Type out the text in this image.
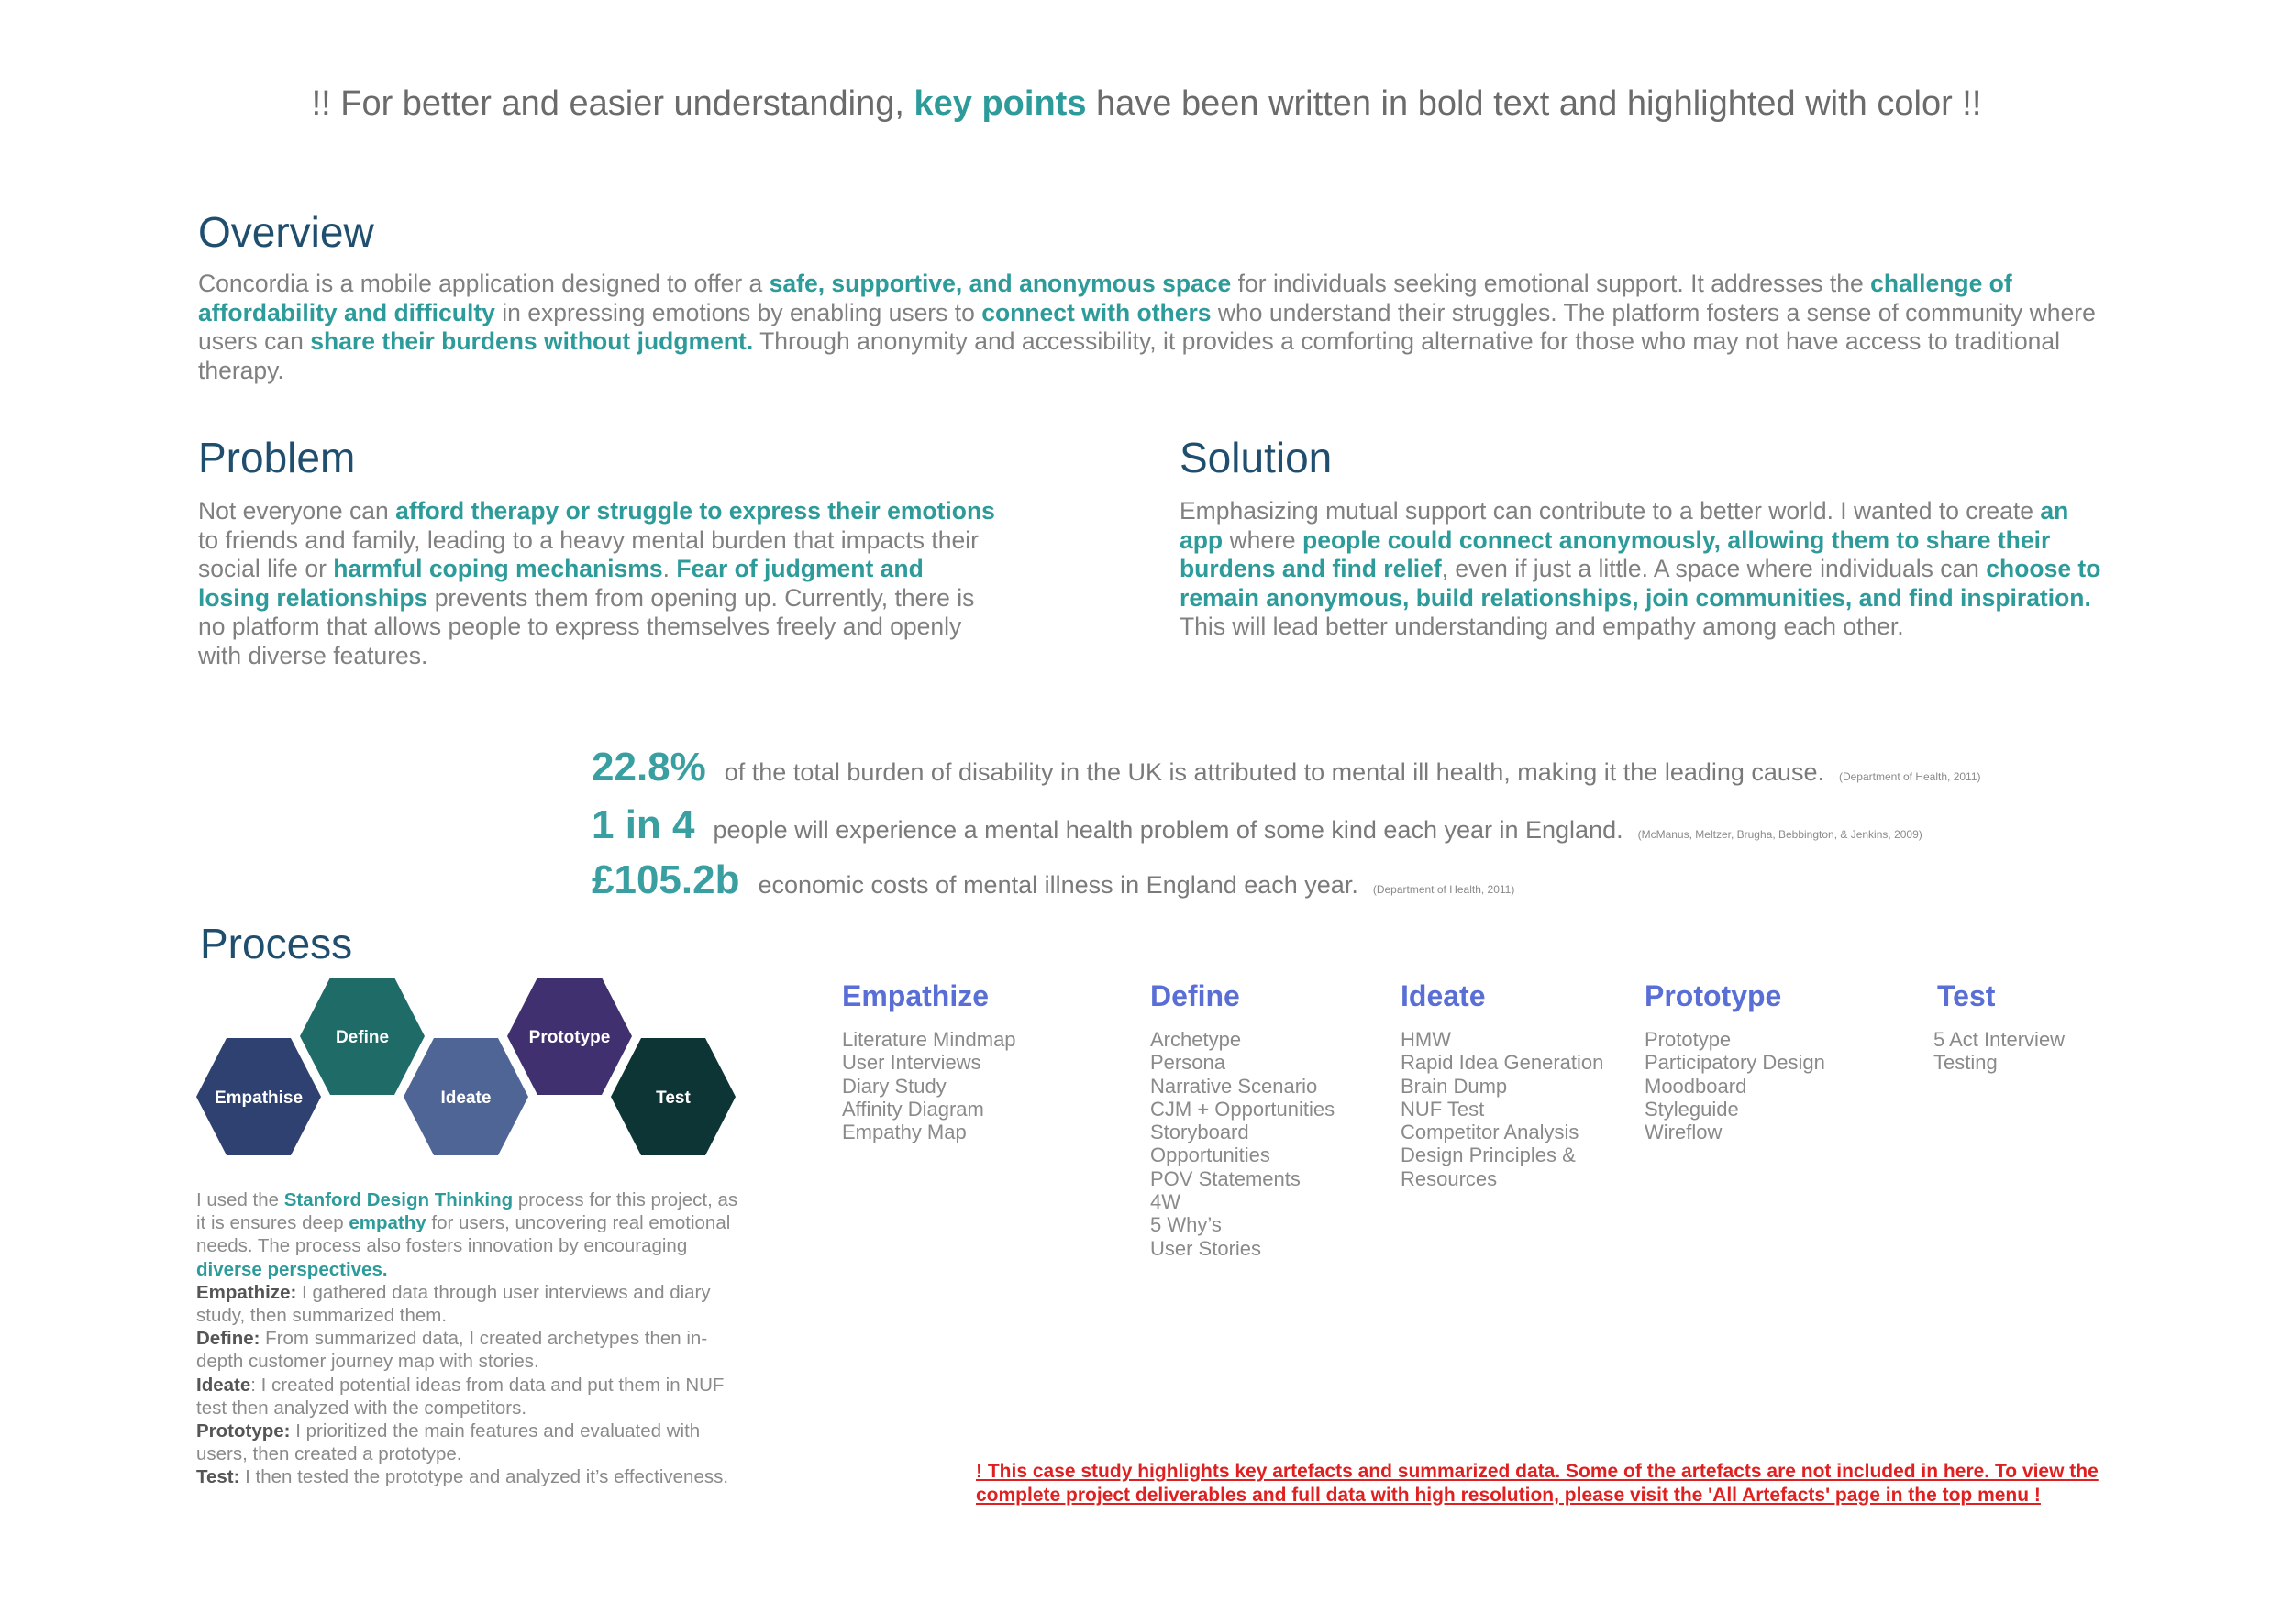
!! For better and easier understanding, key points have been written in bold text and highlighted with color !!
Overview
Concordia is a mobile application designed to offer a safe, supportive, and anonymous space for individuals seeking emotional support. It addresses the challenge of affordability and difficulty in expressing emotions by enabling users to connect with others who understand their struggles. The platform fosters a sense of community where users can share their burdens without judgment. Through anonymity and accessibility, it provides a comforting alternative for those who may not have access to traditional therapy.
Problem
Not everyone can afford therapy or struggle to express their emotions to friends and family, leading to a heavy mental burden that impacts their social life or harmful coping mechanisms. Fear of judgment and losing relationships prevents them from opening up. Currently, there is no platform that allows people to express themselves freely and openly with diverse features.
Solution
Emphasizing mutual support can contribute to a better world. I wanted to create an app where people could connect anonymously, allowing them to share their burdens and find relief, even if just a little. A space where individuals can choose to remain anonymous, build relationships, join communities, and find inspiration. This will lead better understanding and empathy among each other.
22.8% of the total burden of disability in the UK is attributed to mental ill health, making it the leading cause. (Department of Health, 2011)
1 in 4 people will experience a mental health problem of some kind each year in England. (McManus, Meltzer, Brugha, Bebbington, & Jenkins, 2009)
£105.2b economic costs of mental illness in England each year. (Department of Health, 2011)
Process
Empathise
Define
Ideate
Prototype
Test
I used the Stanford Design Thinking process for this project, as it is ensures deep empathy for users, uncovering real emotional needs. The process also fosters innovation by encouraging diverse perspectives.
Empathize: I gathered data through user interviews and diary study, then summarized them.
Define: From summarized data, I created archetypes then in-depth customer journey map with stories.
Ideate: I created potential ideas from data and put them in NUF test then analyzed with the competitors.
Prototype: I prioritized the main features and evaluated with users, then created a prototype.
Test: I then tested the prototype and analyzed it’s effectiveness.
Empathize
Literature Mindmap
User Interviews
Diary Study
Affinity Diagram
Empathy Map
Define
Archetype
Persona
Narrative Scenario
CJM + Opportunities
Storyboard
Opportunities
POV Statements
4W
5 Why’s
User Stories
Ideate
HMW
Rapid Idea Generation
Brain Dump
NUF Test
Competitor Analysis
Design Principles &
Resources
Prototype
Prototype
Participatory Design
Moodboard
Styleguide
Wireflow
Test
5 Act Interview
Testing
! This case study highlights key artefacts and summarized data. Some of the artefacts are not included in here. To view the complete project deliverables and full data with high resolution, please visit the 'All Artefacts' page in the top menu !
